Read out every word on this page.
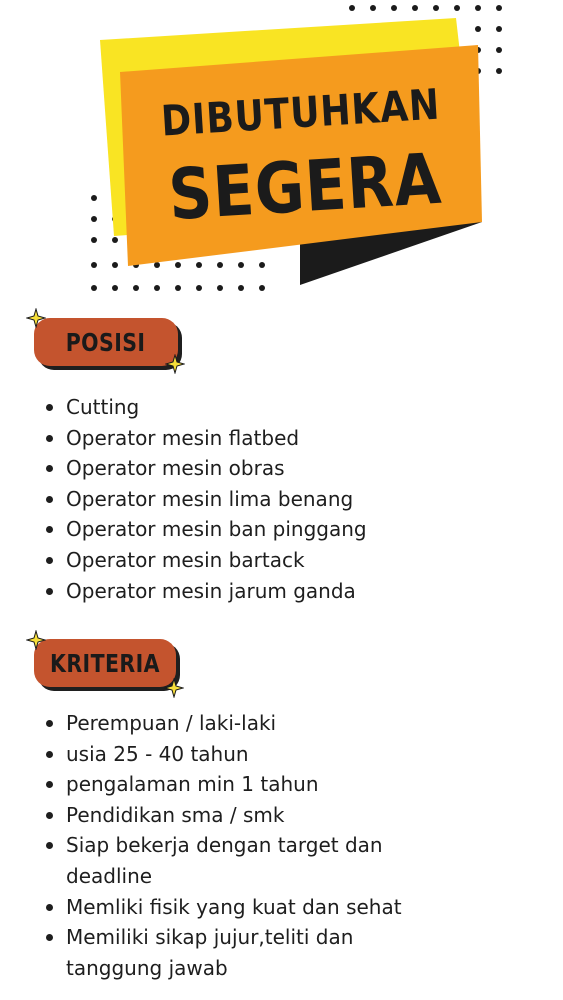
DIBUTUHKAN
SEGERA
POSISI
Cutting
Operator mesin flatbed
Operator mesin obras
Operator mesin lima benang
Operator mesin ban pinggang
Operator mesin bartack
Operator mesin jarum ganda
KRITERIA
Perempuan / laki-laki
usia 25 - 40 tahun
pengalaman min 1 tahun
Pendidikan sma / smk
Siap bekerja dengan target dan deadline
Memliki fisik yang kuat dan sehat
Memiliki sikap jujur,teliti dan tanggung jawab
